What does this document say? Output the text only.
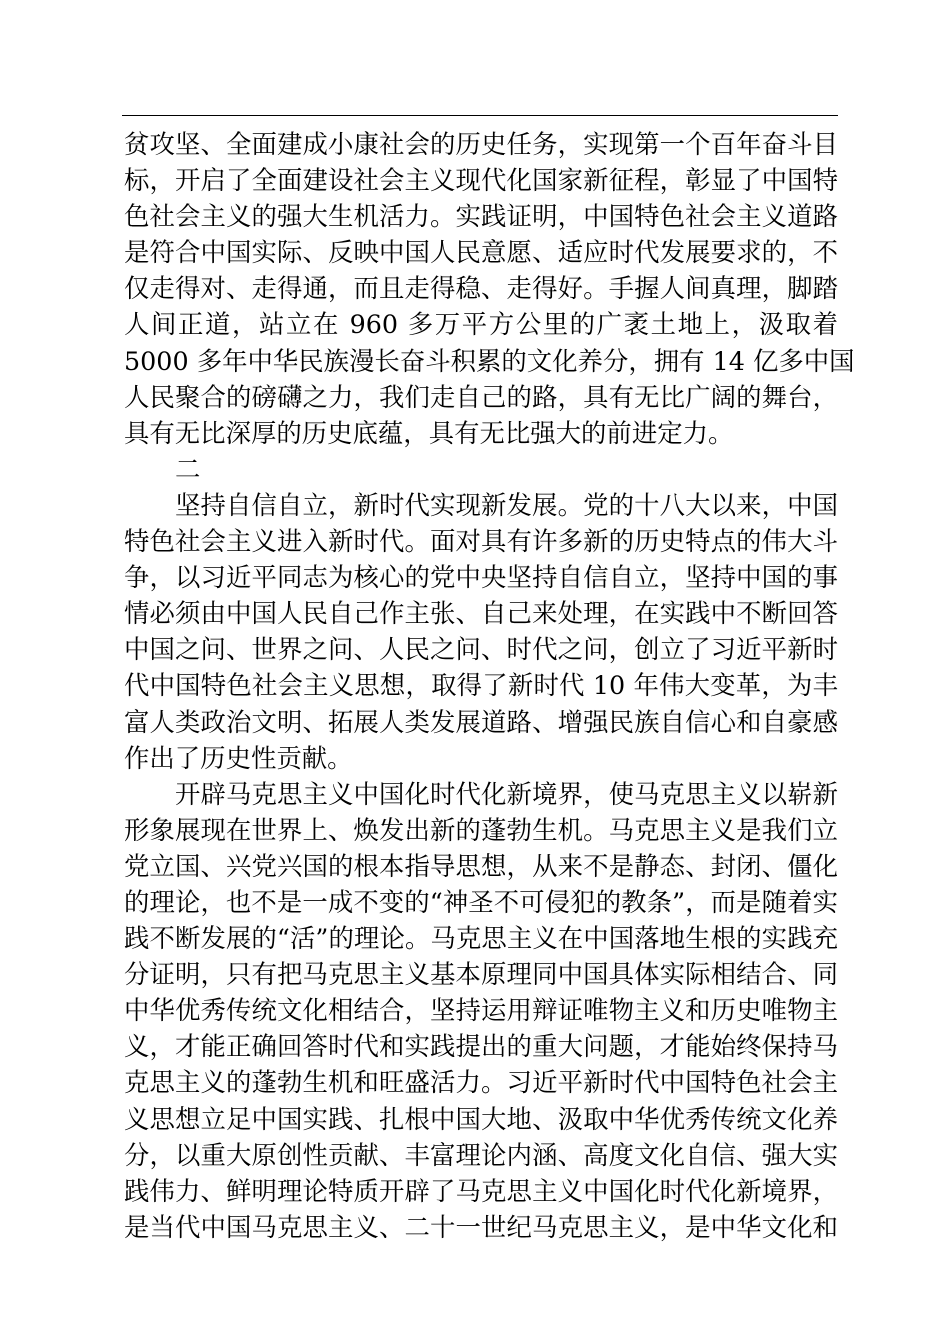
贫攻坚、全面建成小康社会的历史任务，实现第一个百年奋斗目
标，开启了全面建设社会主义现代化国家新征程，彰显了中国特
色社会主义的强大生机活力。实践证明，中国特色社会主义道路
是符合中国实际、反映中国人民意愿、适应时代发展要求的，不
仅走得对、走得通，而且走得稳、走得好。手握人间真理，脚踏
人间正道，站立在 960 多万平方公里的广袤土地上，汲取着
5000 多年中华民族漫长奋斗积累的文化养分，拥有 14 亿多中国
人民聚合的磅礴之力，我们走自己的路，具有无比广阔的舞台，
具有无比深厚的历史底蕴，具有无比强大的前进定力。
二
坚持自信自立，新时代实现新发展。党的十八大以来，中国
特色社会主义进入新时代。面对具有许多新的历史特点的伟大斗
争，以习近平同志为核心的党中央坚持自信自立，坚持中国的事
情必须由中国人民自己作主张、自己来处理，在实践中不断回答
中国之问、世界之问、人民之问、时代之问，创立了习近平新时
代中国特色社会主义思想，取得了新时代 10 年伟大变革，为丰
富人类政治文明、拓展人类发展道路、增强民族自信心和自豪感
作出了历史性贡献。
开辟马克思主义中国化时代化新境界，使马克思主义以崭新
形象展现在世界上、焕发出新的蓬勃生机。马克思主义是我们立
党立国、兴党兴国的根本指导思想，从来不是静态、封闭、僵化
的理论，也不是一成不变的“神圣不可侵犯的教条”，而是随着实
践不断发展的“活”的理论。马克思主义在中国落地生根的实践充
分证明，只有把马克思主义基本原理同中国具体实际相结合、同
中华优秀传统文化相结合，坚持运用辩证唯物主义和历史唯物主
义，才能正确回答时代和实践提出的重大问题，才能始终保持马
克思主义的蓬勃生机和旺盛活力。习近平新时代中国特色社会主
义思想立足中国实践、扎根中国大地、汲取中华优秀传统文化养
分，以重大原创性贡献、丰富理论内涵、高度文化自信、强大实
践伟力、鲜明理论特质开辟了马克思主义中国化时代化新境界，
是当代中国马克思主义、二十一世纪马克思主义，是中华文化和
